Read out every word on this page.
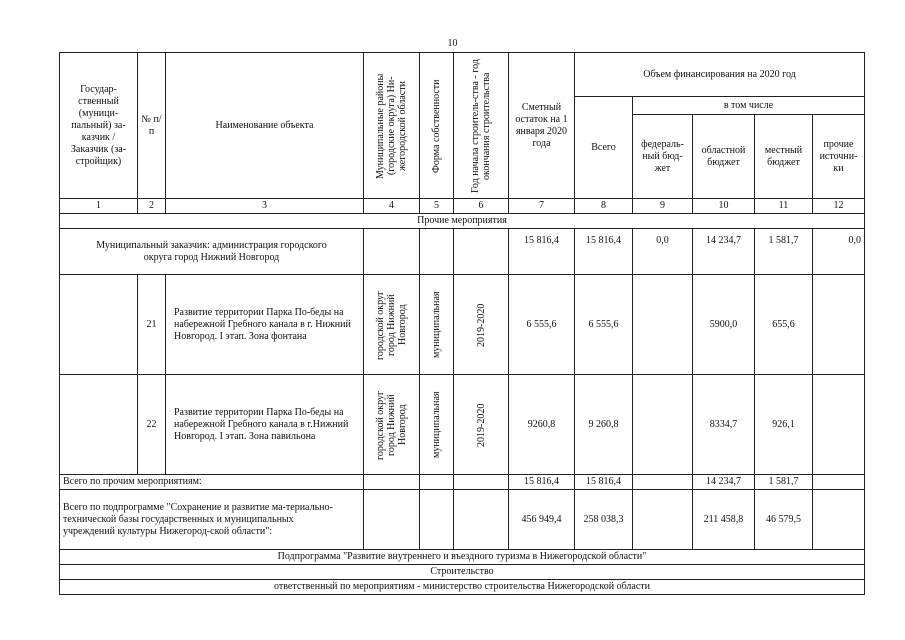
10
Государ-ственный (муници-пальный) за-казчик / Заказчик (за-стройщик)	№ п/п	Наименование объекта	Муниципальные районы (городские округа) Ни-жегородской области	Форма собственности	Год начала строитель-ства - год окончания строительства	Сметный остаток на 1 января 2020 года	Объем финансирования на 2020 год				
							Всего	в том числе			
								федераль-ный бюд-жет	областной бюджет	местный бюджет	прочие источни-ки
1	2	3	4	5	6	7	8	9	10	11	12
Прочие мероприятия											
Муниципальный заказчик: администрация городского округа город Нижний Новгород						15 816,4	15 816,4	0,0	14 234,7	1 581,7	0,0
	21	Развитие территории Парка По-беды на набережной Гребного канала в г. Нижний Новгород. I этап. Зона фонтана	городской округ город Нижний Новгород	муниципальная	2019-2020	6 555,6	6 555,6		5900,0	655,6	
	22	Развитие территории Парка По-беды на набережной Гребного канала в г.Нижний Новгород. I этап. Зона павильона	городской округ город Нижний Новгород	муниципальная	2019-2020	9260,8	9 260,8		8334,7	926,1	
Всего по прочим мероприятиям:						15 816,4	15 816,4		14 234,7	1 581,7	
Всего по подпрограмме "Сохранение и развитие ма-териально-технической базы государственных и муниципальных учреждений культуры Нижегород-ской области":						456 949,4	258 038,3		211 458,8	46 579,5	
Подпрограмма "Развитие внутреннего и въездного туризма в Нижегородской области"											
Строительство											
ответственный по мероприятиям - министерство строительства Нижегородской области											
